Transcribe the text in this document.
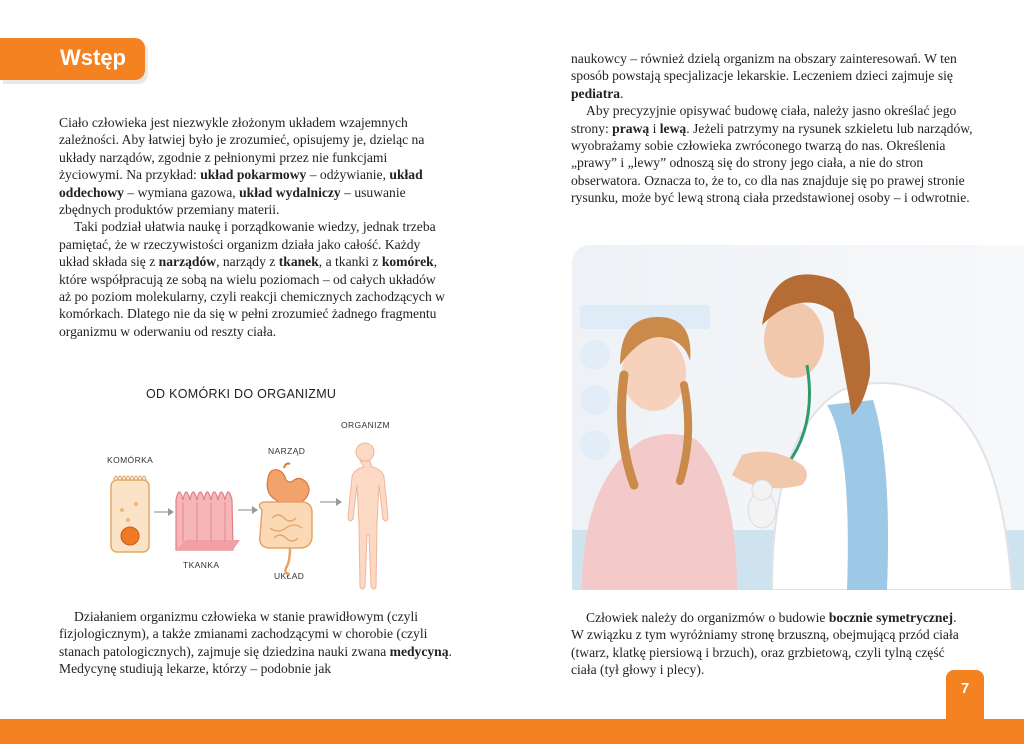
Wstęp

Ciało człowieka jest niezwykle złożonym układem wzajemnych zależności. Aby łatwiej było je zrozumieć, opisujemy je, dzieląc na układy narządów, zgodnie z pełnionymi przez nie funkcjami życiowymi. Na przykład: układ pokarmowy – odżywianie, układ oddechowy – wymiana gazowa, układ wydalniczy – usuwanie zbędnych produktów przemiany materii.

Taki podział ułatwia naukę i porządkowanie wiedzy, jednak trzeba pamiętać, że w rzeczywistości organizm działa jako całość. Każdy układ składa się z narządów, narządy z tkanek, a tkanki z komórek, które współpracują ze sobą na wielu poziomach – od całych układów aż po poziom molekularny, czyli reakcji chemicznych zachodzących w komórkach. Dlatego nie da się w pełni zrozumieć żadnego fragmentu organizmu w oderwaniu od reszty ciała.

OD KOMÓRKI DO ORGANIZMU
KOMÓRKA
TKANKA
NARZĄD
UKŁAD
ORGANIZM

Działaniem organizmu człowieka w stanie prawidłowym (czyli fizjologicznym), a także zmianami zachodzącymi w chorobie (czyli stanach patologicznych), zajmuje się dziedzina nauki zwana medycyną. Medycynę studiują lekarze, którzy – podobnie jak

naukowcy – również dzielą organizm na obszary zainteresowań. W ten sposób powstają specjalizacje lekarskie. Leczeniem dzieci zajmuje się pediatra.

Aby precyzyjnie opisywać budowę ciała, należy jasno określać jego strony: prawą i lewą. Jeżeli patrzymy na rysunek szkieletu lub narządów, wyobrażamy sobie człowieka zwróconego twarzą do nas. Określenia „prawy” i „lewy” odnoszą się do strony jego ciała, a nie do stron obserwatora. Oznacza to, że to, co dla nas znajduje się po prawej stronie rysunku, może być lewą stroną ciała przedstawionej osoby – i odwrotnie.

Człowiek należy do organizmów o budowie bocznie symetrycznej. W związku z tym wyróżniamy stronę brzuszną, obejmującą przód ciała (twarz, klatkę piersiową i brzuch), oraz grzbietową, czyli tylną część ciała (tył głowy i plecy).

7
